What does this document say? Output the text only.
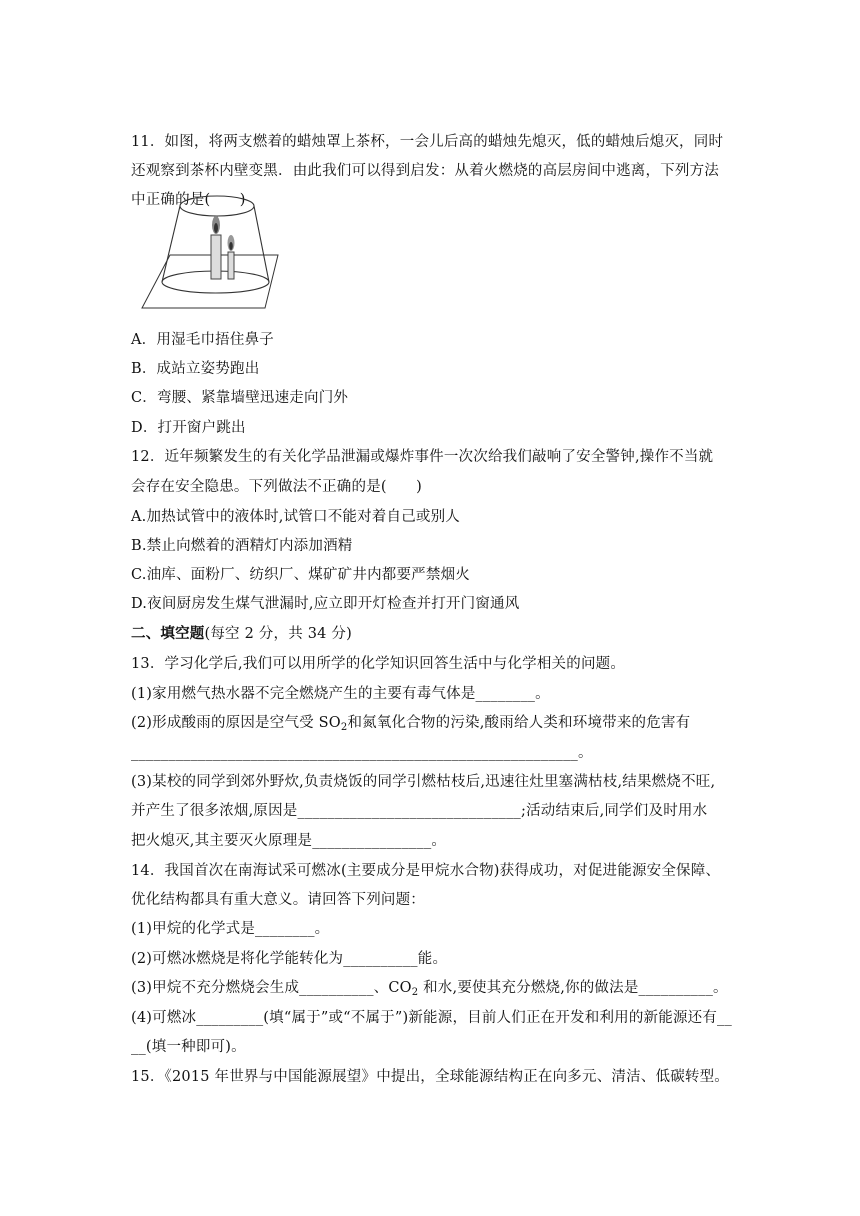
11．如图，将两支燃着的蜡烛罩上茶杯，一会儿后高的蜡烛先熄灭，低的蜡烛后熄灭，同时
还观察到茶杯内壁变黑．由此我们可以得到启发：从着火燃烧的高层房间中逃离，下列方法
中正确的是(　　)
A．用湿毛巾捂住鼻子
B．成站立姿势跑出
C．弯腰、紧靠墙壁迅速走向门外
D．打开窗户跳出
12．近年频繁发生的有关化学品泄漏或爆炸事件一次次给我们敲响了安全警钟,操作不当就
会存在安全隐患。下列做法不正确的是(　　)
A.加热试管中的液体时,试管口不能对着自己或别人
B.禁止向燃着的酒精灯内添加酒精
C.油库、面粉厂、纺织厂、煤矿矿井内都要严禁烟火
D.夜间厨房发生煤气泄漏时,应立即开灯检查并打开门窗通风
二、填空题(每空 2 分，共 34 分)
13．学习化学后,我们可以用所学的化学知识回答生活中与化学相关的问题。
(1)家用燃气热水器不完全燃烧产生的主要有毒气体是________。
(2)形成酸雨的原因是空气受 $SO_2$和氮氧化合物的污染,酸雨给人类和环境带来的危害有
____________________________________________________________。
(3)某校的同学到郊外野炊,负责烧饭的同学引燃枯枝后,迅速往灶里塞满枯枝,结果燃烧不旺,
并产生了很多浓烟,原因是______________________________;活动结束后,同学们及时用水
把火熄灭,其主要灭火原理是________________。
14．我国首次在南海试采可燃冰(主要成分是甲烷水合物)获得成功，对促进能源安全保障、
优化结构都具有重大意义。请回答下列问题：
(1)甲烷的化学式是________。
(2)可燃冰燃烧是将化学能转化为__________能。
(3)甲烷不充分燃烧会生成__________、$CO_2$ 和水,要使其充分燃烧,你的做法是__________。
(4)可燃冰_________(填“属于”或“不属于”)新能源，目前人们正在开发和利用的新能源还有__
__(填一种即可)。
15．《2015 年世界与中国能源展望》中提出，全球能源结构正在向多元、清洁、低碳转型。
